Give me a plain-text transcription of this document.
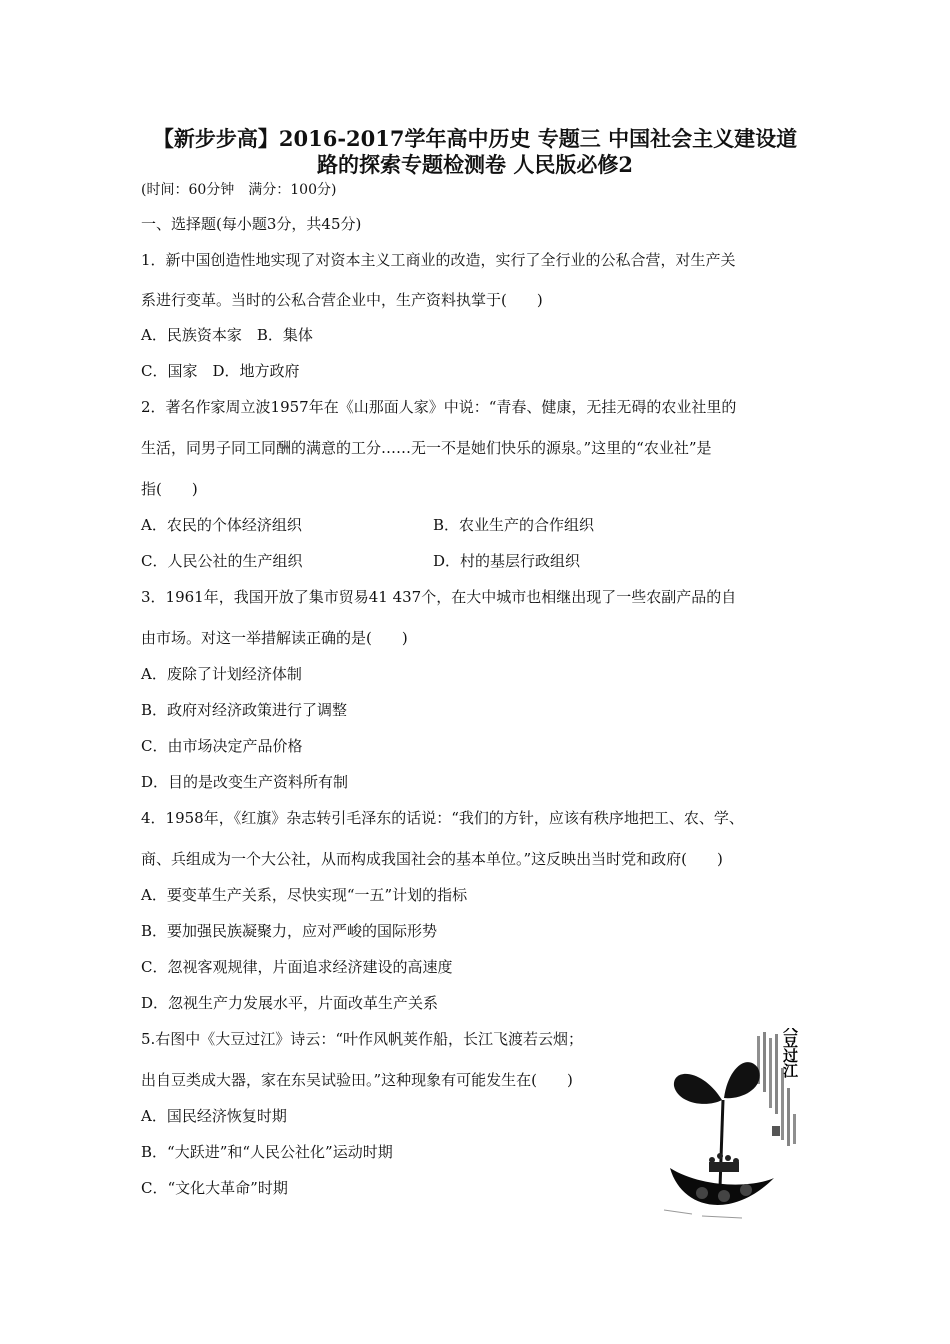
【新步步高】2016-2017学年高中历史 专题三 中国社会主义建设道
路的探索专题检测卷 人民版必修2
(时间：60分钟　满分：100分)
一、选择题(每小题3分，共45分)
1．新中国创造性地实现了对资本主义工商业的改造，实行了全行业的公私合营，对生产关
系进行变革。当时的公私合营企业中，生产资料执掌于(　　)
A．民族资本家　B．集体
C．国家　D．地方政府
2．著名作家周立波1957年在《山那面人家》中说：“青春、健康，无挂无碍的农业社里的
生活，同男子同工同酬的满意的工分……无一不是她们快乐的源泉。”这里的“农业社”是
指(　　)
A．农民的个体经济组织	B．农业生产的合作组织
C．人民公社的生产组织	D．村的基层行政组织
3．1961年，我国开放了集市贸易41 437个，在大中城市也相继出现了一些农副产品的自
由市场。对这一举措解读正确的是(　　)
A．废除了计划经济体制
B．政府对经济政策进行了调整
C．由市场决定产品价格
D．目的是改变生产资料所有制
4．1958年，《红旗》杂志转引毛泽东的话说：“我们的方针，应该有秩序地把工、农、学、
商、兵组成为一个大公社，从而构成我国社会的基本单位。”这反映出当时党和政府(　　)
A．要变革生产关系，尽快实现“一五”计划的指标
B．要加强民族凝聚力，应对严峻的国际形势
C．忽视客观规律，片面追求经济建设的高速度
D．忽视生产力发展水平，片面改革生产关系
5.右图中《大豆过江》诗云：“叶作风帆荚作船，长江飞渡若云烟；
出自豆类成大器，家在东吴试验田。”这种现象有可能发生在(　　)
A．国民经济恢复时期
B．“大跃进”和“人民公社化”运动时期
C．“文化大革命”时期
大豆过江
